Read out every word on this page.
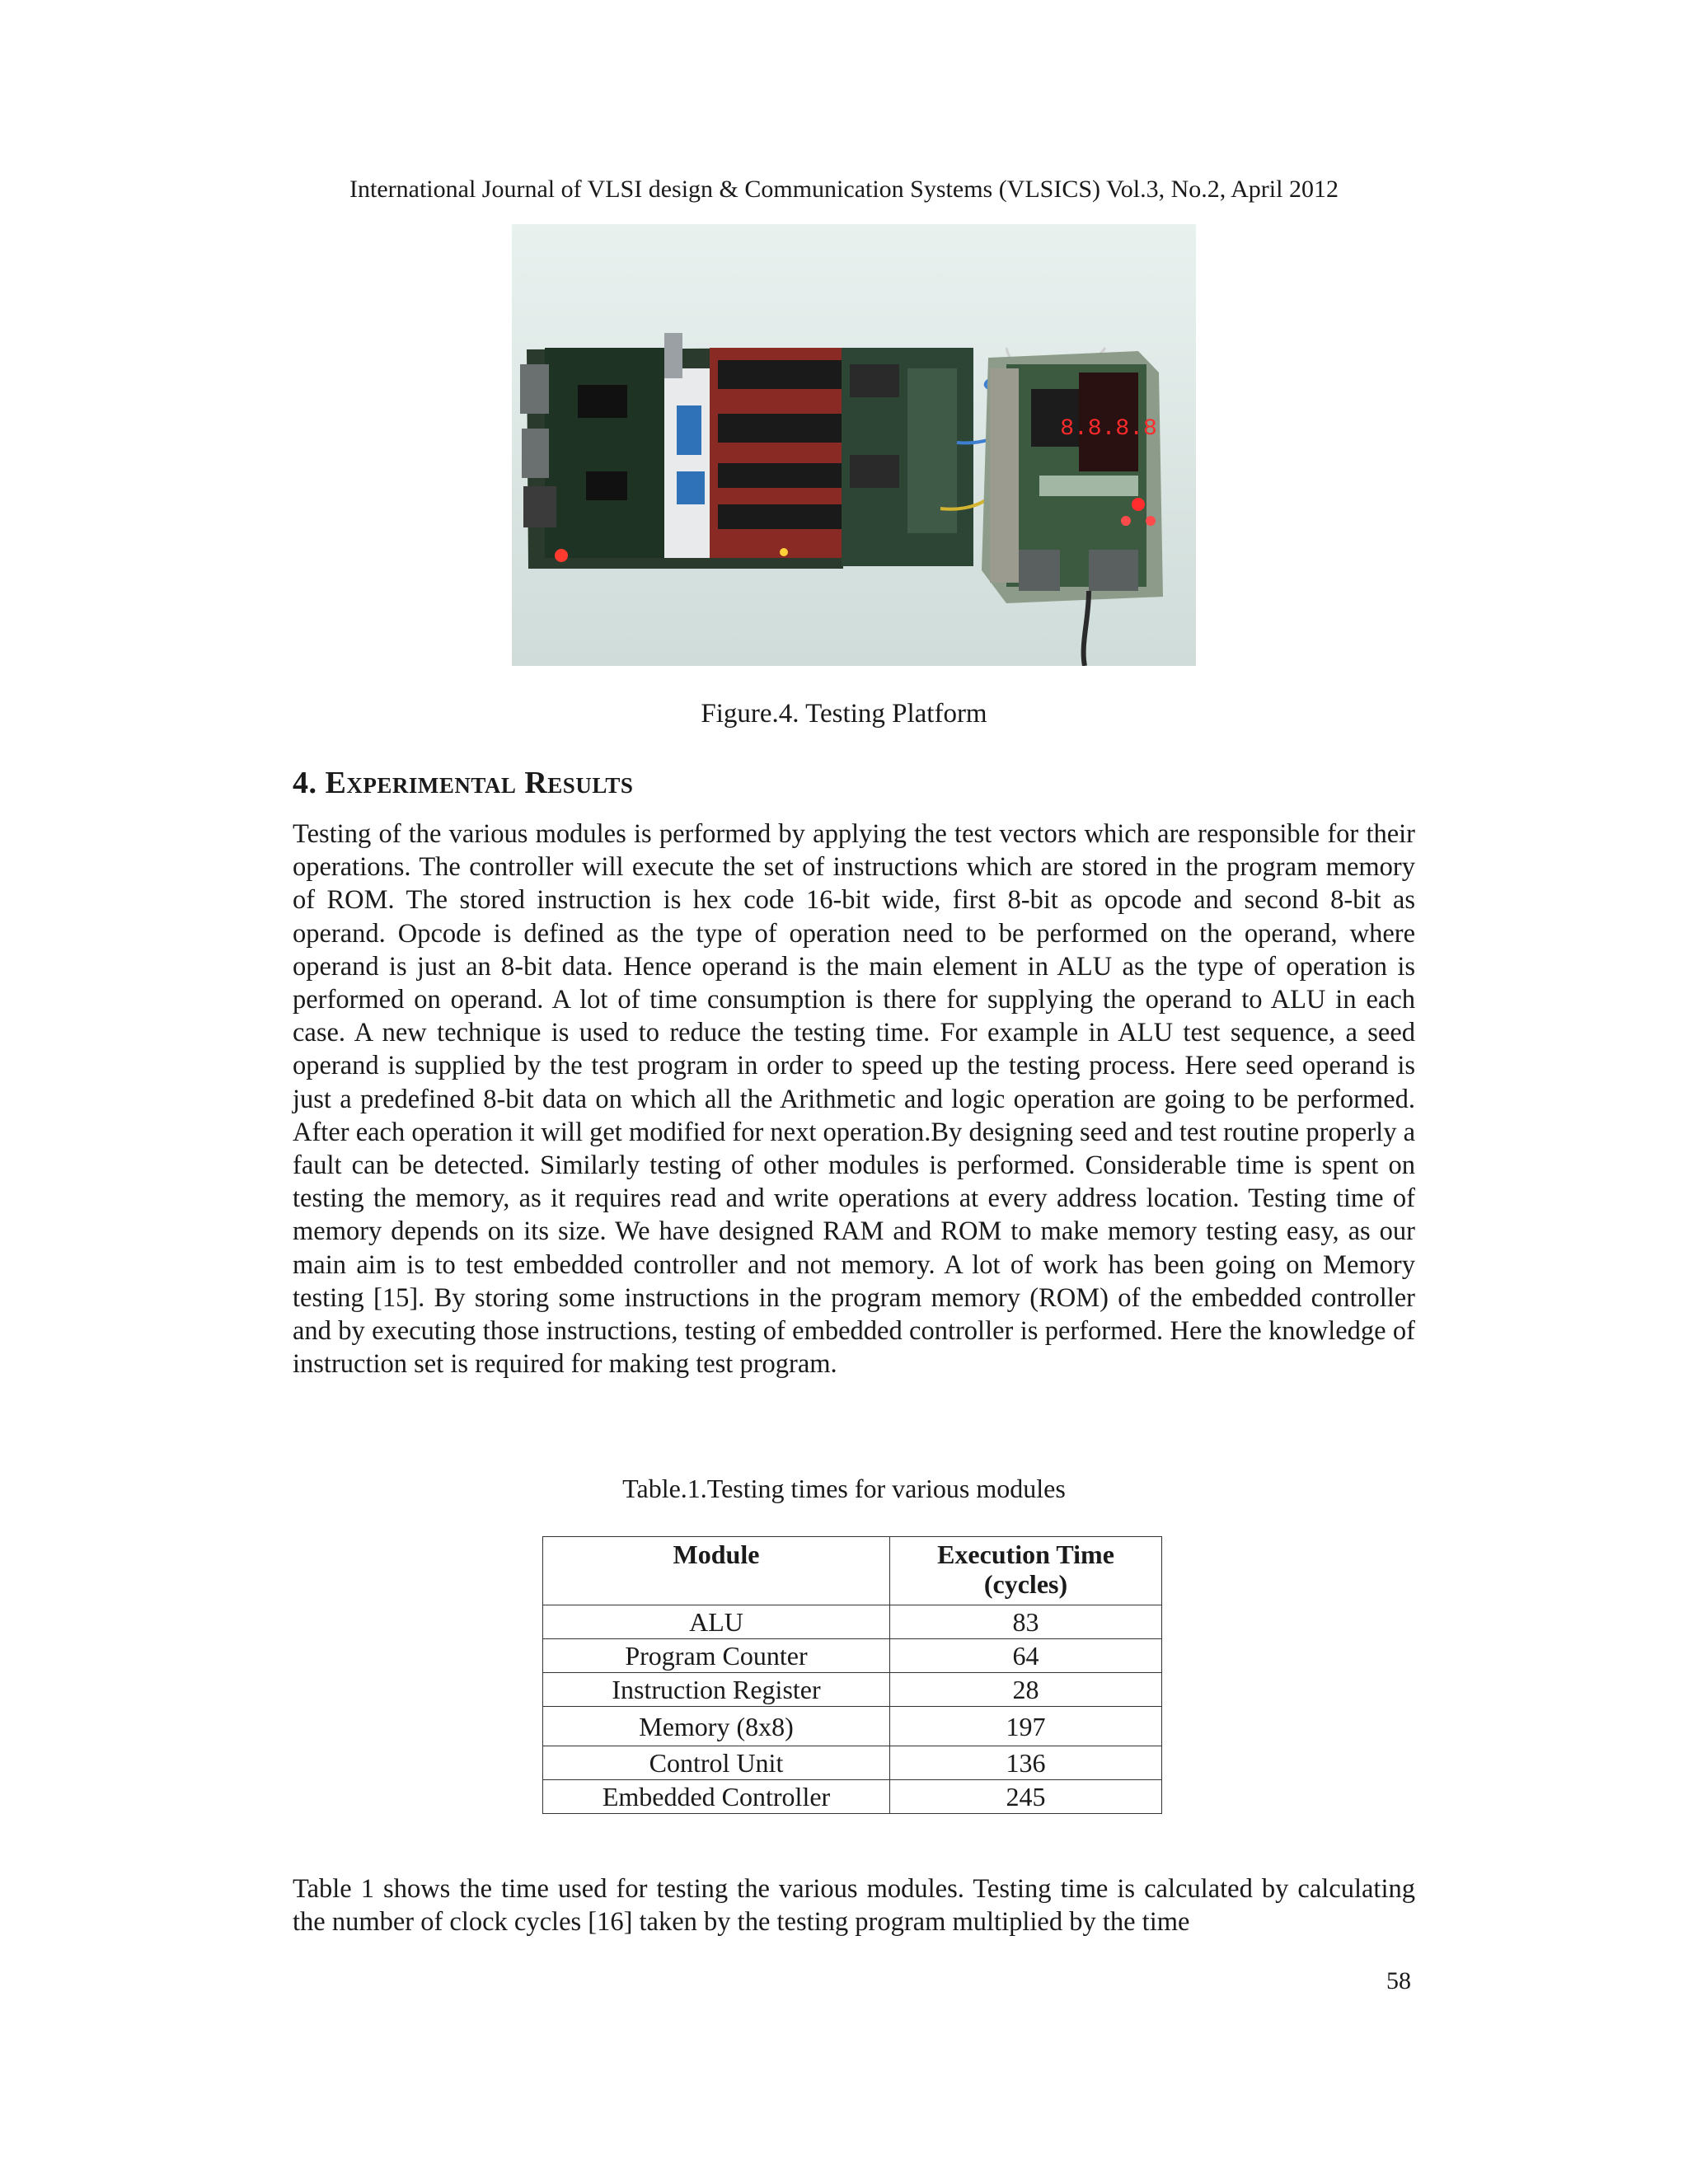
International Journal of VLSI design & Communication Systems (VLSICS) Vol.3, No.2, April 2012
8.8.8.8
Figure.4. Testing Platform
4. Experimental Results
Testing of the various modules is performed by applying the test vectors which are responsible for their operations. The controller will execute the set of instructions which are stored in the program memory of ROM. The stored instruction is hex code 16-bit wide, first 8-bit as opcode and second 8-bit as operand. Opcode is defined as the type of operation need to be performed on the operand, where operand is just an 8-bit data. Hence operand is the main element in ALU as the type of operation is performed on operand. A lot of time consumption is there for supplying the operand to ALU in each case. A new technique is used to reduce the testing time. For example in ALU test sequence, a seed operand is supplied by the test program in order to speed up the testing process. Here seed operand is just a predefined 8-bit data on which all the Arithmetic and logic operation are going to be performed. After each operation it will get modified for next operation.By designing seed and test routine properly a fault can be detected. Similarly testing of other modules is performed. Considerable time is spent on testing the memory, as it requires read and write operations at every address location. Testing time of memory depends on its size. We have designed RAM and ROM to make memory testing easy, as our main aim is to test embedded controller and not memory. A lot of work has been going on Memory testing [15]. By storing some instructions in the program memory (ROM) of the embedded controller and by executing those instructions, testing of embedded controller is performed. Here the knowledge of instruction set is required for making test program.
Table.1.Testing times for various modules
Module	Execution Time (cycles)
ALU	83
Program Counter	64
Instruction Register	28
Memory (8x8)	197
Control Unit	136
Embedded Controller	245
Table 1 shows the time used for testing the various modules. Testing time is calculated by calculating the number of clock cycles [16] taken by the testing program multiplied by the time
58
